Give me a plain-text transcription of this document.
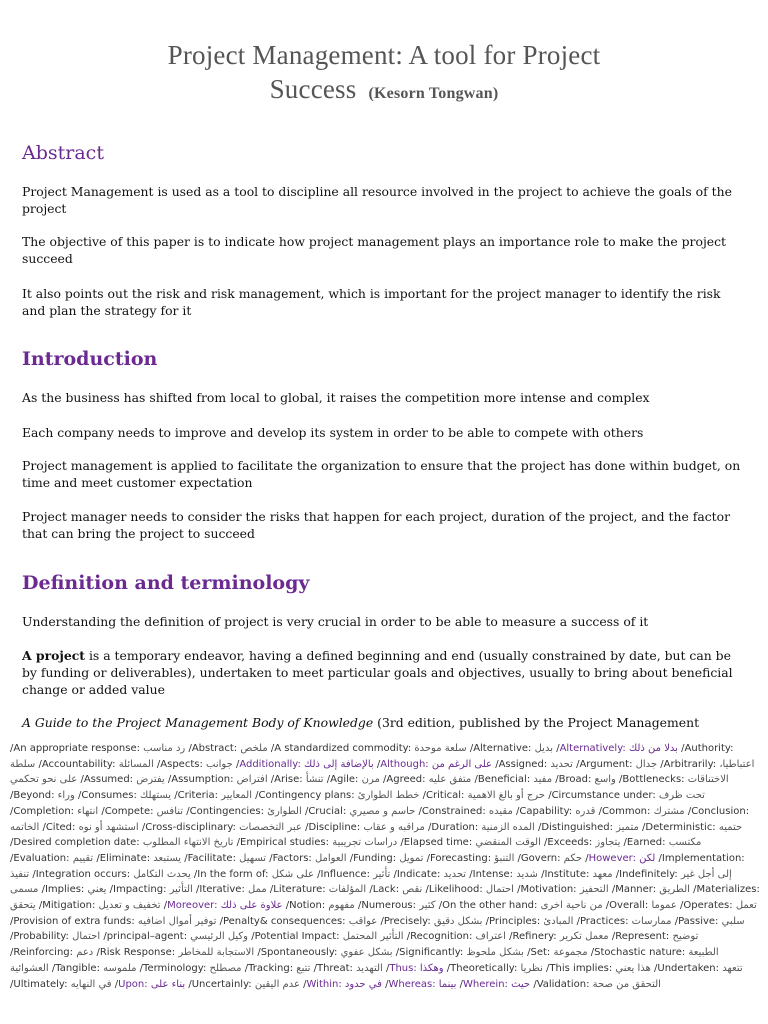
Project Management: A tool for Project
Success (Kesorn Tongwan)
Abstract

Project Management is used as a tool to discipline all resource involved in the project to achieve the goals of the project

The objective of this paper is to indicate how project management plays an importance role to make the project succeed

It also points out the risk and risk management, which is important for the project manager to identify the risk and plan the strategy for it

Introduction

As the business has shifted from local to global, it raises the competition more intense and complex

Each company needs to improve and develop its system in order to be able to compete with others

Project management is applied to facilitate the organization to ensure that the project has done within budget, on time and meet customer expectation

Project manager needs to consider the risks that happen for each project, duration of the project, and the factor that can bring the project to succeed

Definition and terminology

Understanding the definition of project is very crucial in order to be able to measure a success of it

A project is a temporary endeavor, having a defined beginning and end (usually constrained by date, but can be by funding or deliverables), undertaken to meet particular goals and objectives, usually to bring about beneficial change or added value

A Guide to the Project Management Body of Knowledge (3rd edition, published by the Project Management

/An appropriate response: رد مناسب /Abstract: ملخص /A standardized commodity: سلعة موحدة /Alternative: بديل /Alternatively: بدلا من ذلك /Authority: سلطة /Accountability: المسائلة /Aspects: جوانب /Additionally: بالإضافة إلى ذلك /Although: على الرغم من /Assigned: تحديد /Argument: جدال /Arbitrarily: اعتباطيا، على نحو تحكمي /Assumed: يفترض /Assumption: افتراض /Arise: تنشأ /Agile: مرن /Agreed: متفق عليه /Beneficial: مفيد /Broad: واسع /Bottlenecks: الاختناقات /Beyond: وراء /Consumes: يستهلك /Criteria: المعايير /Contingency plans: خطط الطوارئ /Critical: حرج أو بالغ الاهمية /Circumstance under: تحت ظرف /Completion: انتهاء /Compete: تنافس /Contingencies: الطوارئ /Crucial: حاسم و مصيري /Constrained: مقيده /Capability: قدره /Common: مشترك /Conclusion: الخاتمه /Cited: استشهد أو نوه /Cross-disciplinary: عبر التخصصات /Discipline: مراقبه و عقاب /Duration: المده الزمنية /Distinguished: متميز /Deterministic: حتميه /Desired completion date: تاريخ الانتهاء المطلوب /Empirical studies: دراسات تجريبية /Elapsed time: الوقت المنقضي /Exceeds: يتجاوز /Earned: مكتسب /Evaluation: تقييم /Eliminate: يستبعد /Facilitate: تسهيل /Factors: العوامل /Funding: تمويل /Forecasting: التنبؤ /Govern: حكم /However: لكن /Implementation: تنفيذ /Integration occurs: يحدث التكامل /In the form of: على شكل /Influence: تأثير /Indicate: تحديد /Intense: شديد /Institute: معهد /Indefinitely: إلى أجل غير مسمى /Implies: يعني /Impacting: التأثير /Iterative: ممل /Literature: المؤلفات /Lack: نقص /Likelihood: احتمال /Motivation: التحفيز /Manner: الطريق /Materializes: يتحقق /Mitigation: تخفيف و تعديل /Moreover: علاوة على ذلك /Notion: مفهوم /Numerous: كثير /On the other hand: من ناحية اخرى /Overall: عموما /Operates: تعمل /Provision of extra funds: توفير أموال اضافيه /Penalty& consequences: عواقب /Precisely: بشكل دقيق /Principles: المبادئ /Practices: ممارسات /Passive: سلبي /Probability: احتمال /principal–agent: وكيل الرئيسي /Potential Impact: التأثير المحتمل /Recognition: اعتراف /Refinery: معمل تكرير /Represent: توضيح /Reinforcing: دعم /Risk Response: الاستجابة للمخاطر /Spontaneously: بشكل عفوي /Significantly: بشكل ملحوظ /Set: مجموعة /Stochastic nature: الطبيعة العشوائية /Tangible: ملموسه /Terminology: مصطلح /Tracking: تتبع /Threat: التهديد /Thus: وهكذا /Theoretically: نظريا /This implies: هذا يعني /Undertaken: تتعهد /Ultimately: في النهايه /Upon: بناء على /Uncertainly: عدم اليقين /Within: في حدود /Whereas: بينما /Wherein: حيث /Validation: التحقق من صحة
